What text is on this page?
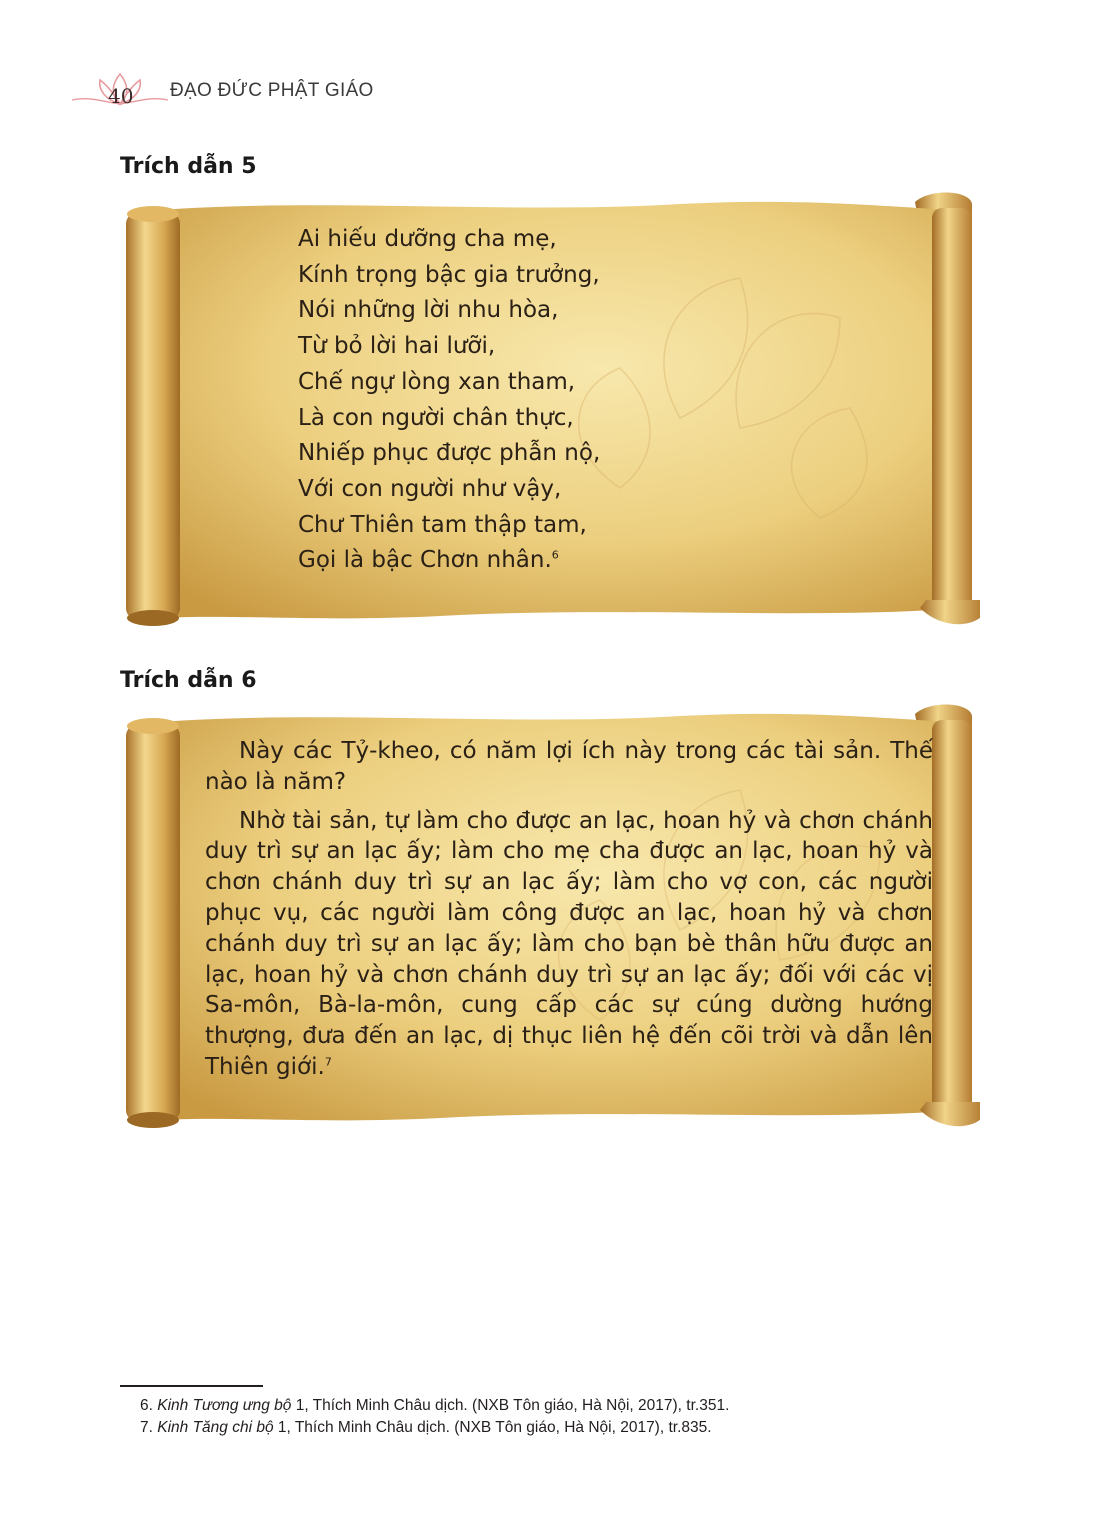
40 ĐẠO ĐỨC PHẬT GIÁO
Trích dẫn 5
Ai hiếu dưỡng cha mẹ,
Kính trọng bậc gia trưởng,
Nói những lời nhu hòa,
Từ bỏ lời hai lưỡi,
Chế ngự lòng xan tham,
Là con người chân thực,
Nhiếp phục được phẫn nộ,
Với con người như vậy,
Chư Thiên tam thập tam,
Gọi là bậc Chơn nhân.$^6$
Trích dẫn 6

Này các Tỷ-kheo, có năm lợi ích này trong các tài sản. Thế nào là năm?

Nhờ tài sản, tự làm cho được an lạc, hoan hỷ và chơn chánh duy trì sự an lạc ấy; làm cho mẹ cha được an lạc, hoan hỷ và chơn chánh duy trì sự an lạc ấy; làm cho vợ con, các người phục vụ, các người làm công được an lạc, hoan hỷ và chơn chánh duy trì sự an lạc ấy; làm cho bạn bè thân hữu được an lạc, hoan hỷ và chơn chánh duy trì sự an lạc ấy; đối với các vị Sa-môn, Bà-la-môn, cung cấp các sự cúng dường hướng thượng, đưa đến an lạc, dị thục liên hệ đến cõi trời và dẫn lên Thiên giới.$^7$

6. Kinh Tương ưng bộ 1, Thích Minh Châu dịch. (NXB Tôn giáo, Hà Nội, 2017), tr.351.
7. Kinh Tăng chi bộ 1, Thích Minh Châu dịch. (NXB Tôn giáo, Hà Nội, 2017), tr.835.
